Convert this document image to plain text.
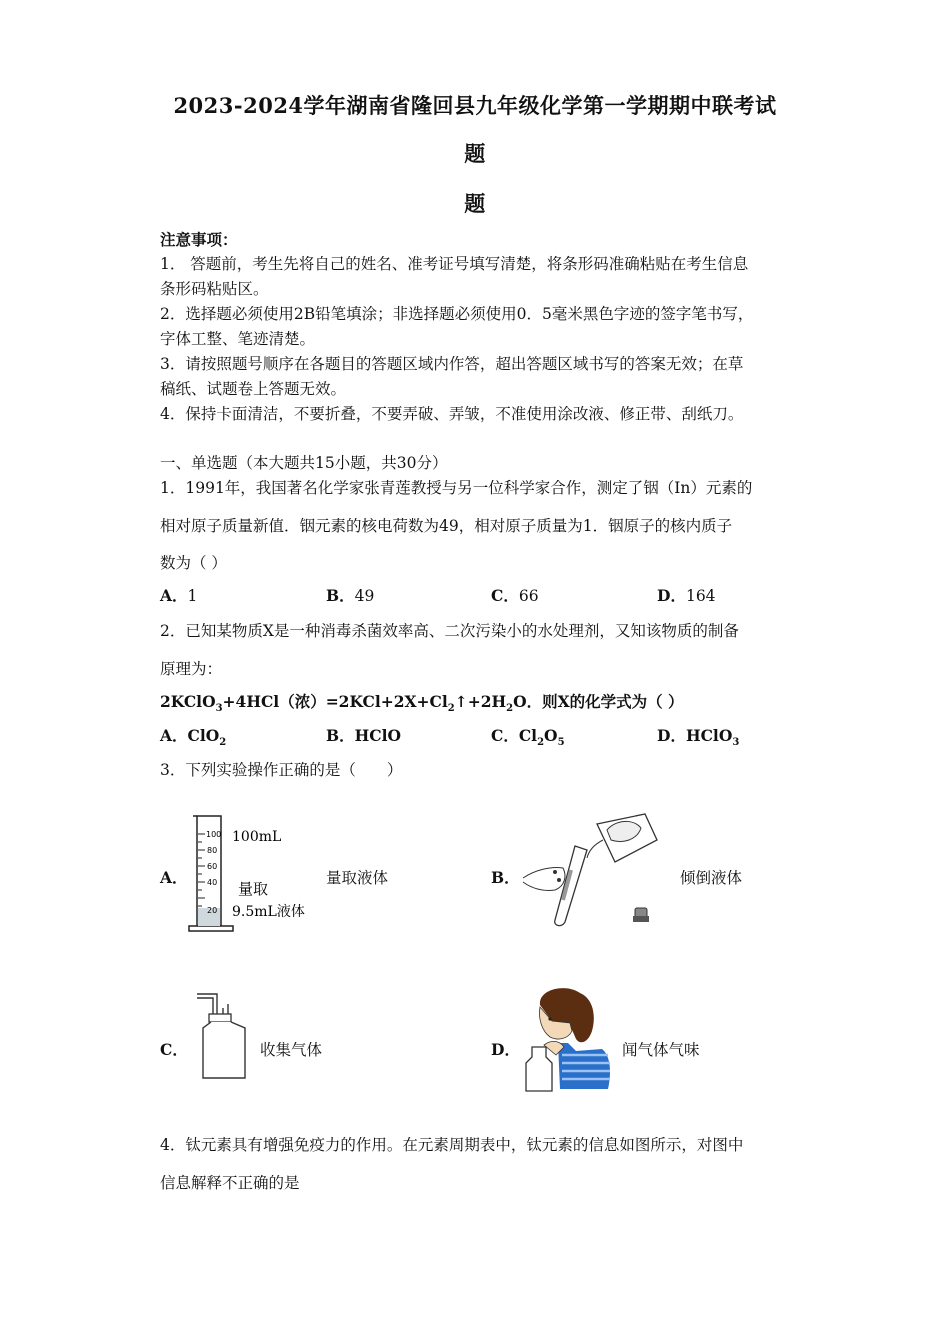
2023-2024学年湖南省隆回县九年级化学第一学期期中联考试
题
题
注意事项：
1． 答题前，考生先将自己的姓名、准考证号填写清楚，将条形码准确粘贴在考生信息
条形码粘贴区。
2．选择题必须使用2B铅笔填涂；非选择题必须使用0．5毫米黑色字迹的签字笔书写，
字体工整、笔迹清楚。
3．请按照题号顺序在各题目的答题区域内作答，超出答题区域书写的答案无效；在草
稿纸、试题卷上答题无效。
4．保持卡面清洁，不要折叠，不要弄破、弄皱，不准使用涂改液、修正带、刮纸刀。
一、单选题（本大题共15小题，共30分）
1．1991年，我国著名化学家张青莲教授与另一位科学家合作，测定了铟（In）元素的
相对原子质量新值．铟元素的核电荷数为49，相对原子质量为1．铟原子的核内质子
数为（ ）
A．1	B．49	C．66	D．164
2．已知某物质X是一种消毒杀菌效率高、二次污染小的水处理剂，又知该物质的制备
原理为：
2KClO$_3$+4HCl（浓）$=2KCl+2X+Cl_2↑+2H_2O$．则X的化学式为（ ）
A．ClO$_2$	B．HClO	C．$Cl_2O_5$	D．HClO$_3$
3．下列实验操作正确的是（　　）
A．
100
80
60
40
20
100mL
量取
9.5mL液体
量取液体	B．	倾倒液体
C．	收集气体	D．	闻气体气味
4．钛元素具有增强免疫力的作用。在元素周期表中，钛元素的信息如图所示，对图中
信息解释不正确的是
